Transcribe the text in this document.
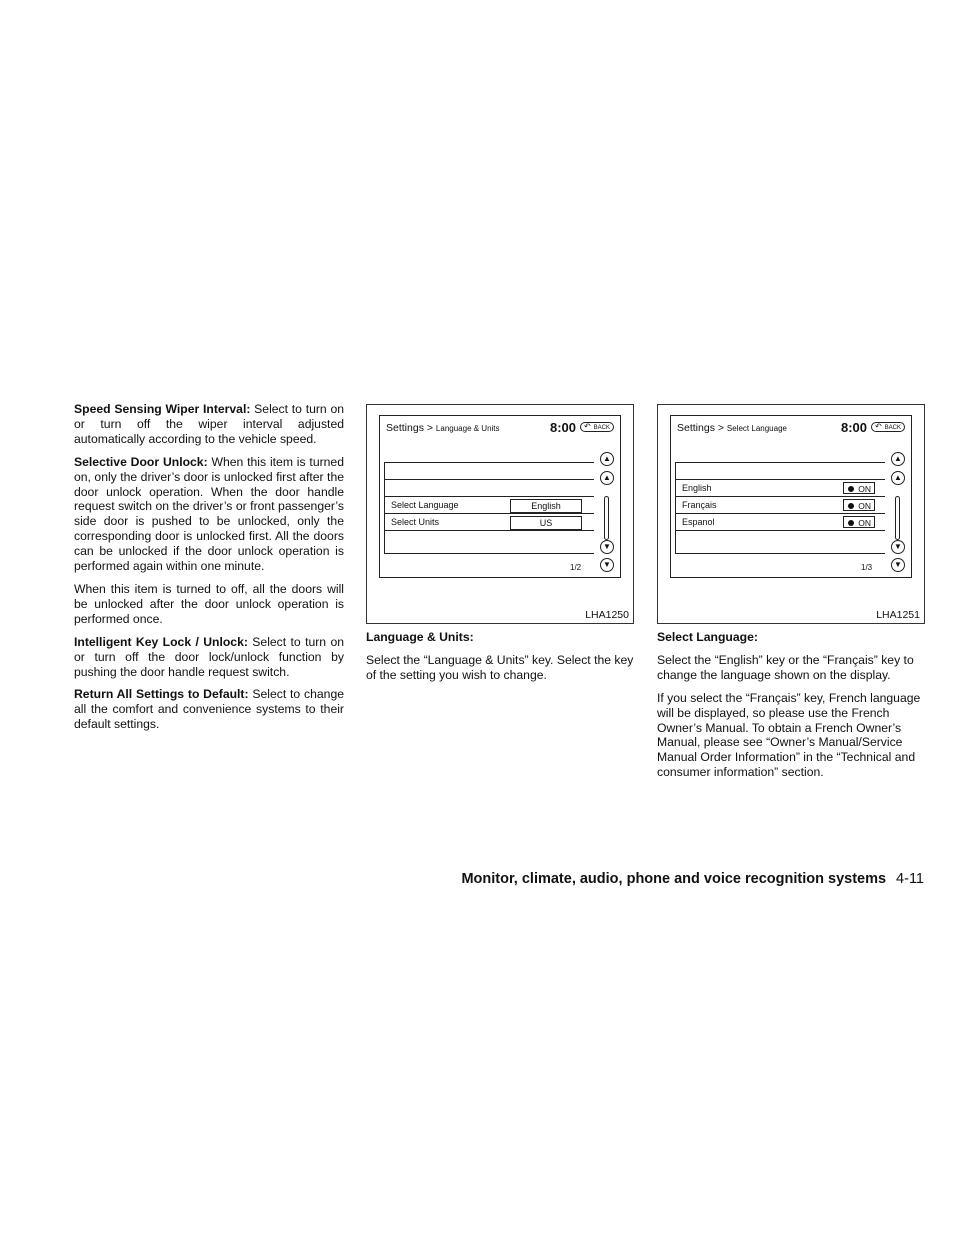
Speed Sensing Wiper Interval: Select to turn on or turn off the wiper interval adjusted automatically according to the vehicle speed.

Selective Door Unlock: When this item is turned on, only the driver’s door is unlocked first after the door unlock operation. When the door handle request switch on the driver’s or front passenger’s side door is pushed to be unlocked, only the corresponding door is unlocked first. All the doors can be unlocked if the door unlock operation is performed again within one minute.

When this item is turned to off, all the doors will be unlocked after the door unlock operation is performed once.

Intelligent Key Lock / Unlock: Select to turn on or turn off the door lock/unlock function by pushing the door handle request switch.

Return All Settings to Default: Select to change all the comfort and convenience systems to their default settings.

Settings > Language & Units	8:00	↶ BACK
Select Language	English
Select Units	US
▲
▲
▼
▼
1/2
LHA1250
Settings > Select Language	8:00	↶ BACK
English	ON
Français	ON
Espanol	ON
▲
▲
▼
▼
1/3
LHA1251

Language & Units:

Select the “Language & Units” key. Select the key of the setting you wish to change.

Select Language:

Select the “English” key or the “Français” key to change the language shown on the display.

If you select the “Français” key, French language will be displayed, so please use the French Owner’s Manual. To obtain a French Owner’s Manual, please see “Owner’s Manual/Service Manual Order Information” in the “Technical and consumer information” section.

Monitor, climate, audio, phone and voice recognition systems 4-11
